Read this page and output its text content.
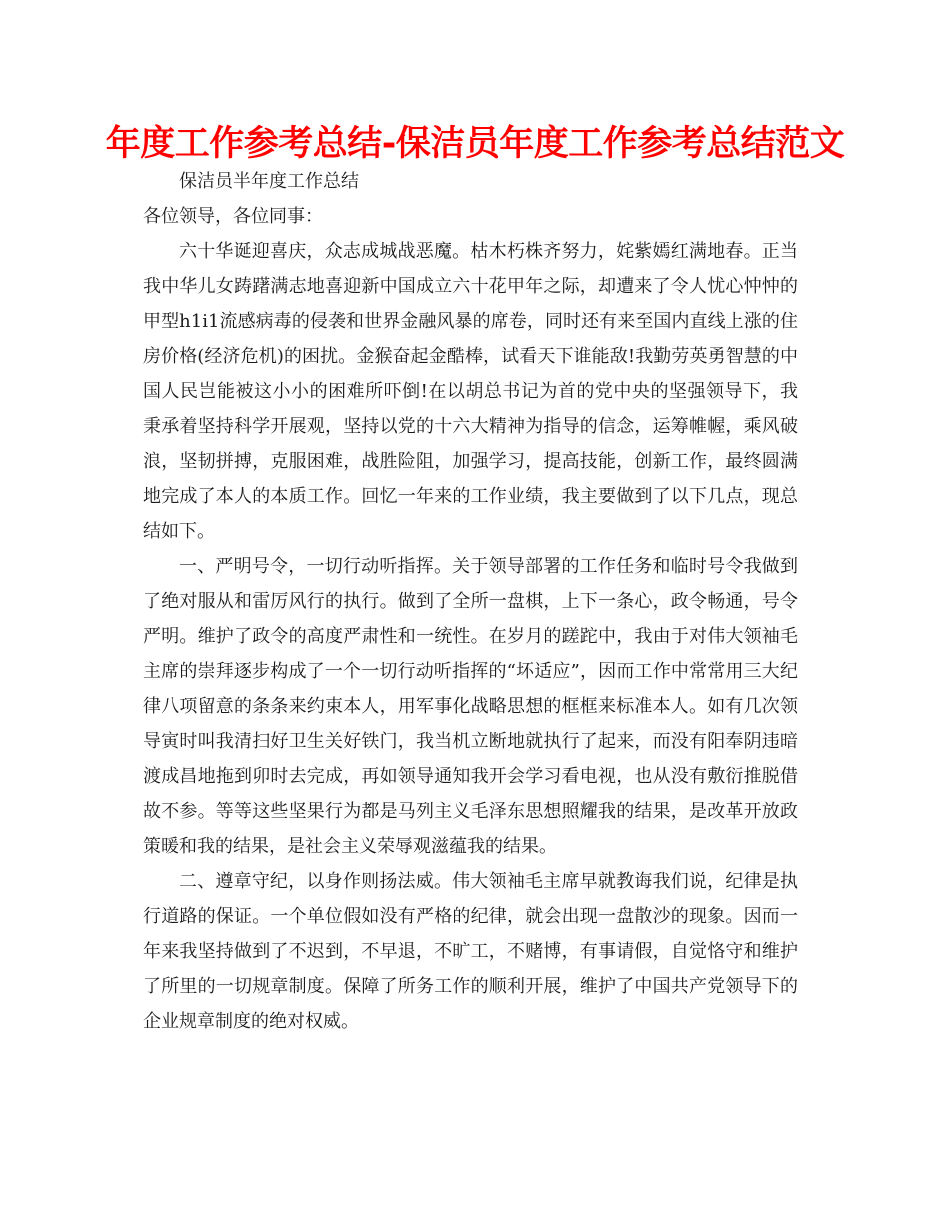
年度工作参考总结-保洁员年度工作参考总结范文

保洁员半年度工作总结

各位领导，各位同事：

六十华诞迎喜庆，众志成城战恶魔。枯木朽株齐努力，姹紫嫣红满地春。正当我中华儿女踌躇满志地喜迎新中国成立六十花甲年之际，却遭来了令人忧心忡忡的甲型h1i1流感病毒的侵袭和世界金融风暴的席卷，同时还有来至国内直线上涨的住房价格(经济危机)的困扰。金猴奋起金酷棒，试看天下谁能敌!我勤劳英勇智慧的中国人民岂能被这小小的困难所吓倒!在以胡总书记为首的党中央的坚强领导下，我秉承着坚持科学开展观，坚持以党的十六大精神为指导的信念，运筹帷幄，乘风破浪，坚韧拼搏，克服困难，战胜险阻，加强学习，提高技能，创新工作，最终圆满地完成了本人的本质工作。回忆一年来的工作业绩，我主要做到了以下几点，现总结如下。

一、严明号令，一切行动听指挥。关于领导部署的工作任务和临时号令我做到了绝对服从和雷厉风行的执行。做到了全所一盘棋，上下一条心，政令畅通，号令严明。维护了政令的高度严肃性和一统性。在岁月的蹉跎中，我由于对伟大领袖毛主席的崇拜逐步构成了一个一切行动听指挥的“坏适应”，因而工作中常常用三大纪律八项留意的条条来约束本人，用军事化战略思想的框框来标准本人。如有几次领导寅时叫我清扫好卫生关好铁门，我当机立断地就执行了起来，而没有阳奉阴违暗渡成昌地拖到卯时去完成，再如领导通知我开会学习看电视，也从没有敷衍推脱借故不参。等等这些坚果行为都是马列主义毛泽东思想照耀我的结果，是改革开放政策暖和我的结果，是社会主义荣辱观滋蕴我的结果。

二、遵章守纪，以身作则扬法威。伟大领袖毛主席早就教诲我们说，纪律是执行道路的保证。一个单位假如没有严格的纪律，就会出现一盘散沙的现象。因而一年来我坚持做到了不迟到，不早退，不旷工，不赌博，有事请假，自觉恪守和维护了所里的一切规章制度。保障了所务工作的顺利开展，维护了中国共产党领导下的企业规章制度的绝对权威。
